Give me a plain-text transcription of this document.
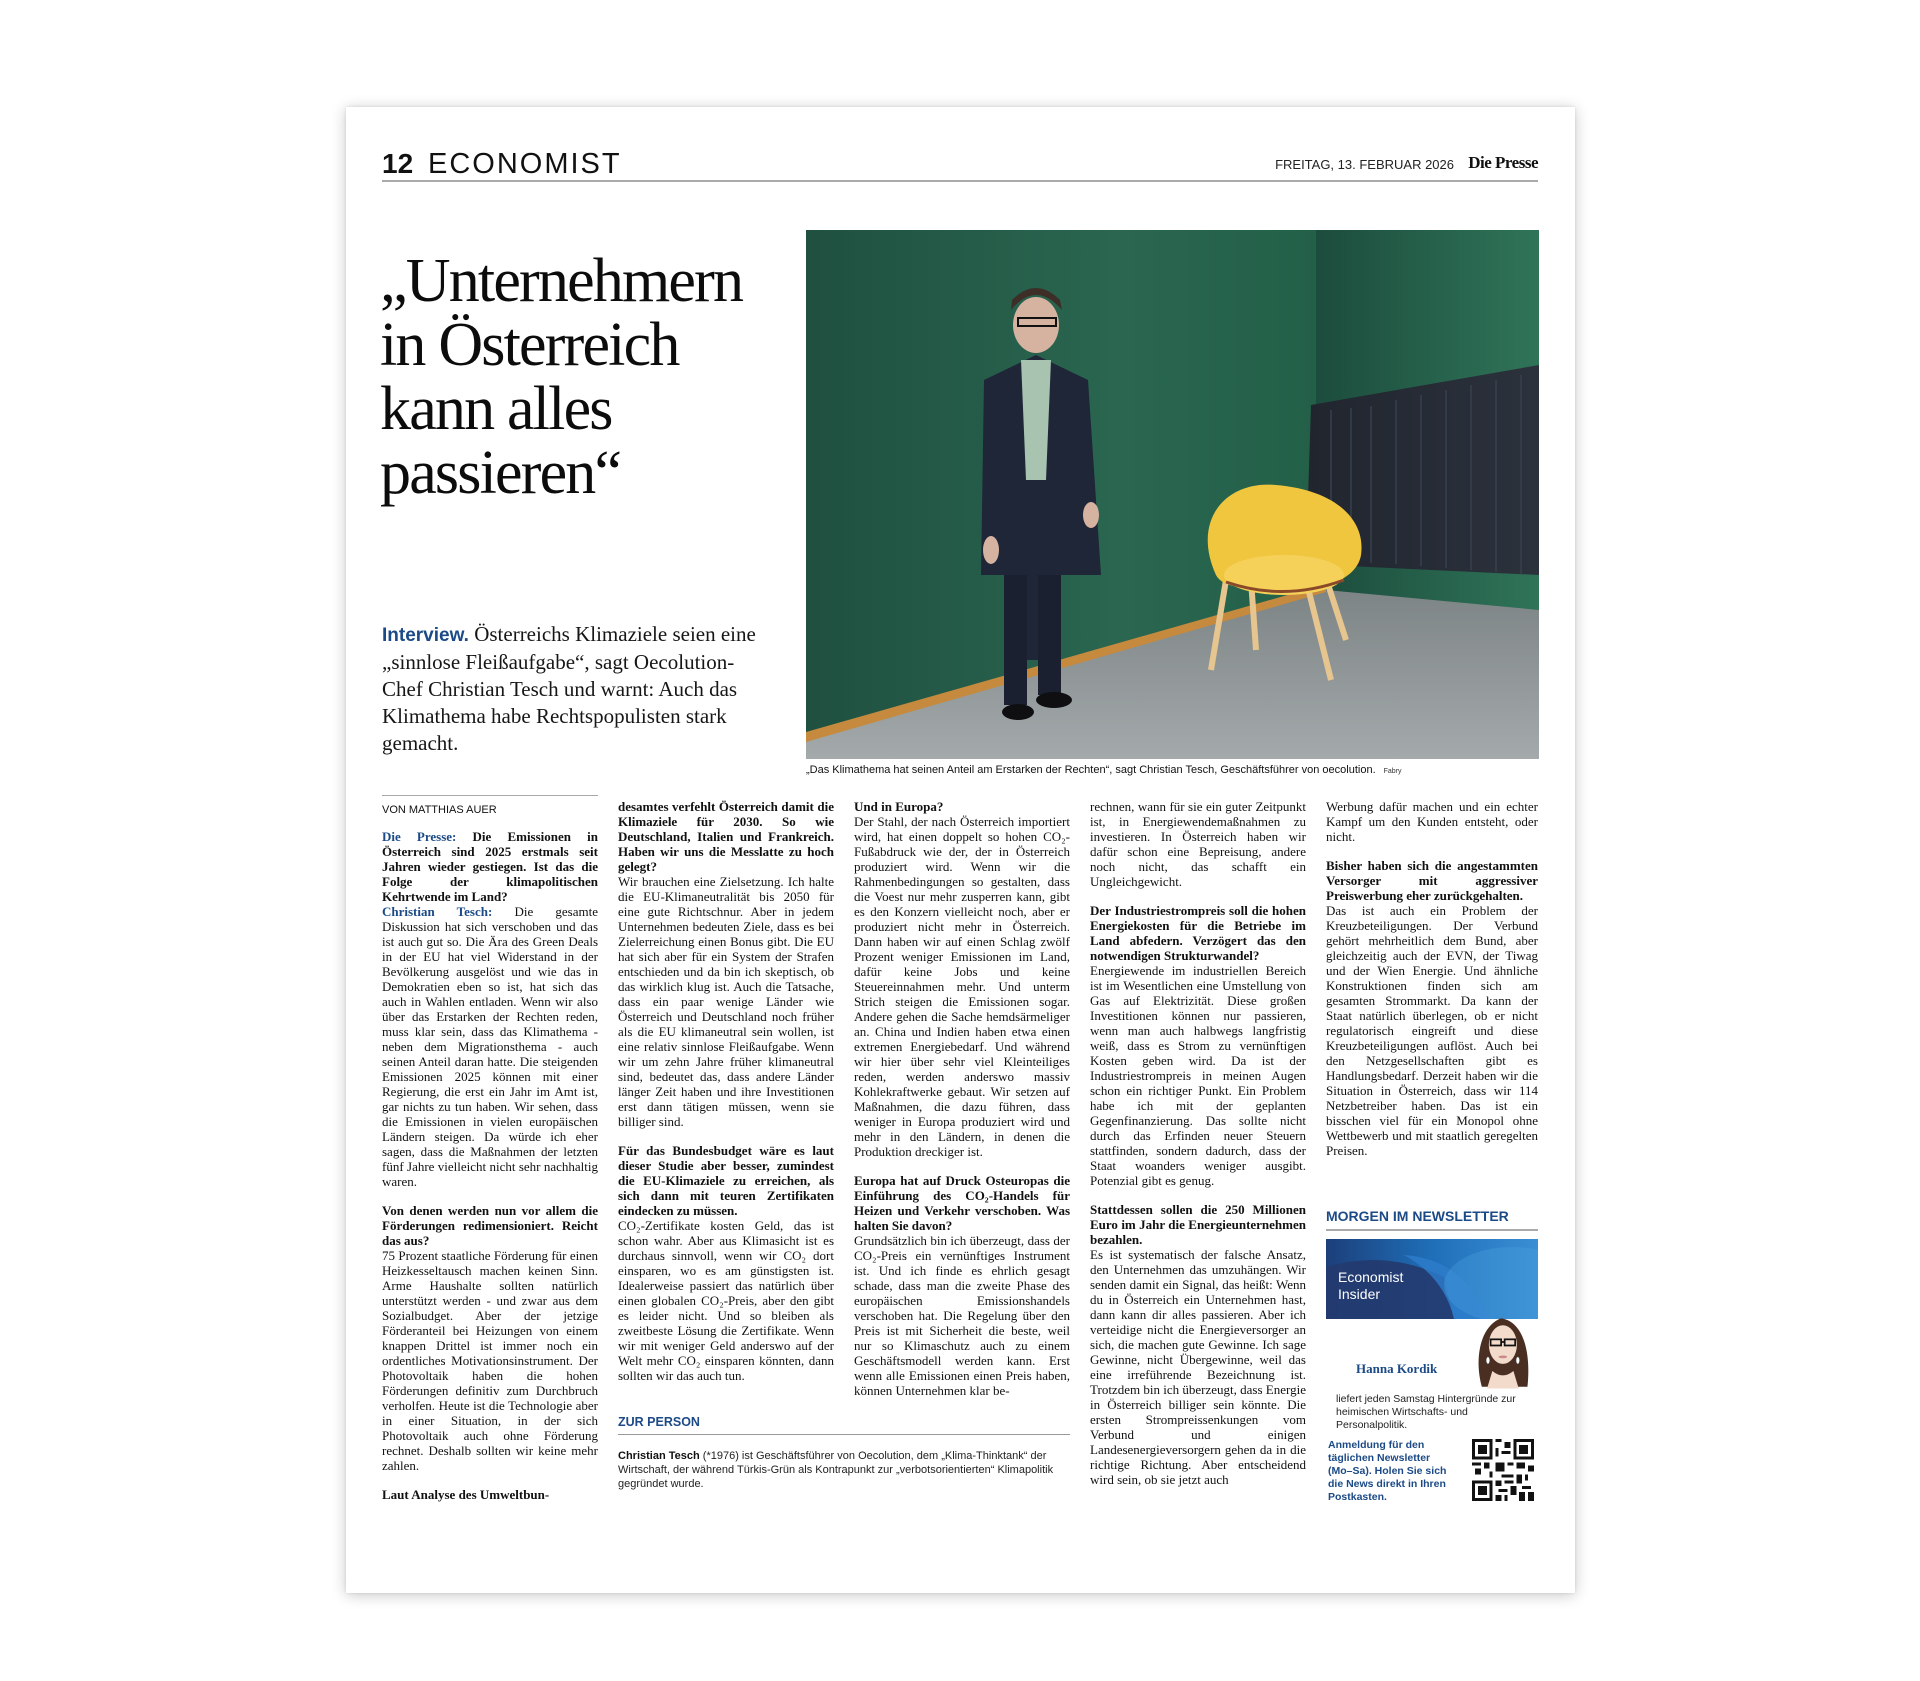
12 ECONOMIST	FREITAG, 13. FEBRUAR 2026 Die Presse
„Unternehmern in Österreich kann alles passieren“

Interview. Österreichs Klimaziele seien eine „sinnlose Fleißaufgabe“, sagt Oecolution-Chef Christian Tesch und warnt: Auch das Klimathema habe Rechtspopulisten stark gemacht.

„Das Klimathema hat seinen Anteil am Erstarken der Rechten“, sagt Christian Tesch, Geschäftsführer von oecolution. Fabry
VON MATTHIAS AUER

Die Presse: Die Emissionen in Österreich sind 2025 erstmals seit Jahren wieder gestiegen. Ist das die Folge der klimapolitischen Kehrtwende im Land?

Christian Tesch: Die gesamte Diskussion hat sich verschoben und das ist auch gut so. Die Ära des Green Deals in der EU hat viel Widerstand in der Bevölkerung ausgelöst und wie das in Demokratien eben so ist, hat sich das auch in Wahlen entladen. Wenn wir also über das Erstarken der Rechten reden, muss klar sein, dass das Klimathema - neben dem Migrationsthema - auch seinen Anteil daran hatte. Die steigenden Emissionen 2025 können mit einer Regierung, die erst ein Jahr im Amt ist, gar nichts zu tun haben. Wir sehen, dass die Emissionen in vielen europäischen Ländern steigen. Da würde ich eher sagen, dass die Maßnahmen der letzten fünf Jahre vielleicht nicht sehr nachhaltig waren.

Von denen werden nun vor allem die Förderungen redimensioniert. Reicht das aus?

75 Prozent staatliche Förderung für einen Heizkesseltausch machen keinen Sinn. Arme Haushalte sollten natürlich unterstützt werden - und zwar aus dem Sozialbudget. Aber der jetzige Förderanteil bei Heizungen von einem knappen Drittel ist immer noch ein ordentliches Motivationsinstrument. Der Photovoltaik haben die hohen Förderungen definitiv zum Durchbruch verholfen. Heute ist die Technologie aber in einer Situation, in der sich Photovoltaik auch ohne Förderung rechnet. Deshalb sollten wir keine mehr zahlen.

Laut Analyse des Umweltbun-

desamtes verfehlt Österreich damit die Klimaziele für 2030. So wie Deutschland, Italien und Frankreich. Haben wir uns die Messlatte zu hoch gelegt?

Wir brauchen eine Zielsetzung. Ich halte die EU-Klimaneutralität bis 2050 für eine gute Richtschnur. Aber in jedem Unternehmen bedeuten Ziele, dass es bei Zielerreichung einen Bonus gibt. Die EU hat sich aber für ein System der Strafen entschieden und da bin ich skeptisch, ob das wirklich klug ist. Auch die Tatsache, dass ein paar wenige Länder wie Österreich und Deutschland noch früher als die EU klimaneutral sein wollen, ist eine relativ sinnlose Fleißaufgabe. Wenn wir um zehn Jahre früher klimaneutral sind, bedeutet das, dass andere Länder länger Zeit haben und ihre Investitionen erst dann tätigen müssen, wenn sie billiger sind.

Für das Bundesbudget wäre es laut dieser Studie aber besser, zumindest die EU-Klimaziele zu erreichen, als sich dann mit teuren Zertifikaten eindecken zu müssen.

CO₂-Zertifikate kosten Geld, das ist schon wahr. Aber aus Klimasicht ist es durchaus sinnvoll, wenn wir CO₂ dort einsparen, wo es am günstigsten ist. Idealerweise passiert das natürlich über einen globalen CO₂-Preis, aber den gibt es leider nicht. Und so bleiben als zweitbeste Lösung die Zertifikate. Wenn wir mit weniger Geld anderswo auf der Welt mehr CO₂ einsparen könnten, dann sollten wir das auch tun.

Und in Europa?

Der Stahl, der nach Österreich importiert wird, hat einen doppelt so hohen CO₂-Fußabdruck wie der, der in Österreich produziert wird. Wenn wir die Rahmenbedingungen so gestalten, dass die Voest nur mehr zusperren kann, gibt es den Konzern vielleicht noch, aber er produziert nicht mehr in Österreich. Dann haben wir auf einen Schlag zwölf Prozent weniger Emissionen im Land, dafür keine Jobs und keine Steuereinnahmen mehr. Und unterm Strich steigen die Emissionen sogar. Andere gehen die Sache hemdsärmeliger an. China und Indien haben etwa einen extremen Energiebedarf. Und während wir hier über sehr viel Kleinteiliges reden, werden anderswo massiv Kohlekraftwerke gebaut. Wir setzen auf Maßnahmen, die dazu führen, dass weniger in Europa produziert wird und mehr in den Ländern, in denen die Produktion dreckiger ist.

Europa hat auf Druck Osteuropas die Einführung des CO₂-Handels für Heizen und Verkehr verschoben. Was halten Sie davon?

Grundsätzlich bin ich überzeugt, dass der CO₂-Preis ein vernünftiges Instrument ist. Und ich finde es ehrlich gesagt schade, dass man die zweite Phase des europäischen Emissionshandels verschoben hat. Die Regelung über den Preis ist mit Sicherheit die beste, weil nur so Klimaschutz auch zu einem Geschäftsmodell werden kann. Erst wenn alle Emissionen einen Preis haben, können Unternehmen klar be-

rechnen, wann für sie ein guter Zeitpunkt ist, in Energiewendemaßnahmen zu investieren. In Österreich haben wir dafür schon eine Bepreisung, andere noch nicht, das schafft ein Ungleichgewicht.

Der Industriestrompreis soll die hohen Energiekosten für die Betriebe im Land abfedern. Verzögert das den notwendigen Strukturwandel?

Energiewende im industriellen Bereich ist im Wesentlichen eine Umstellung von Gas auf Elektrizität. Diese großen Investitionen können nur passieren, wenn man auch halbwegs langfristig weiß, dass es Strom zu vernünftigen Kosten geben wird. Da ist der Industriestrompreis in meinen Augen schon ein richtiger Punkt. Ein Problem habe ich mit der geplanten Gegenfinanzierung. Das sollte nicht durch das Erfinden neuer Steuern stattfinden, sondern dadurch, dass der Staat woanders weniger ausgibt. Potenzial gibt es genug.

Stattdessen sollen die 250 Millionen Euro im Jahr die Energieunternehmen bezahlen.

Es ist systematisch der falsche Ansatz, den Unternehmen das umzuhängen. Wir senden damit ein Signal, das heißt: Wenn du in Österreich ein Unternehmen hast, dann kann dir alles passieren. Aber ich verteidige nicht die Energieversorger an sich, die machen gute Gewinne. Ich sage Gewinne, nicht Übergewinne, weil das eine irreführende Bezeichnung ist. Trotzdem bin ich überzeugt, dass Energie in Österreich billiger sein könnte. Die ersten Strompreissenkungen vom Verbund und einigen Landesenergieversorgern gehen da in die richtige Richtung. Aber entscheidend wird sein, ob sie jetzt auch

Werbung dafür machen und ein echter Kampf um den Kunden entsteht, oder nicht.

Bisher haben sich die angestammten Versorger mit aggressiver Preiswerbung eher zurückgehalten.

Das ist auch ein Problem der Kreuzbeteiligungen. Der Verbund gehört mehrheitlich dem Bund, aber gleichzeitig auch der EVN, der Tiwag und der Wien Energie. Und ähnliche Konstruktionen finden sich am gesamten Strommarkt. Da kann der Staat natürlich überlegen, ob er nicht regulatorisch eingreift und diese Kreuzbeteiligungen auflöst. Auch bei den Netzgesellschaften gibt es Handlungsbedarf. Derzeit haben wir die Situation in Österreich, dass wir 114 Netzbetreiber haben. Das ist ein bisschen viel für ein Monopol ohne Wettbewerb und mit staatlich geregelten Preisen.

ZUR PERSON
Christian Tesch (*1976) ist Geschäftsführer von Oecolution, dem „Klima-Thinktank“ der Wirtschaft, der während Türkis-Grün als Kontrapunkt zur „verbotsorientierten“ Klimapolitik gegründet wurde.
MORGEN IM NEWSLETTER
Economist
Insider
Hanna Kordik
liefert jeden Samstag Hintergründe zur heimischen Wirtschafts- und Personalpolitik.
Anmeldung für den täglichen Newsletter (Mo–Sa). Holen Sie sich die News direkt in Ihren Postkasten.
